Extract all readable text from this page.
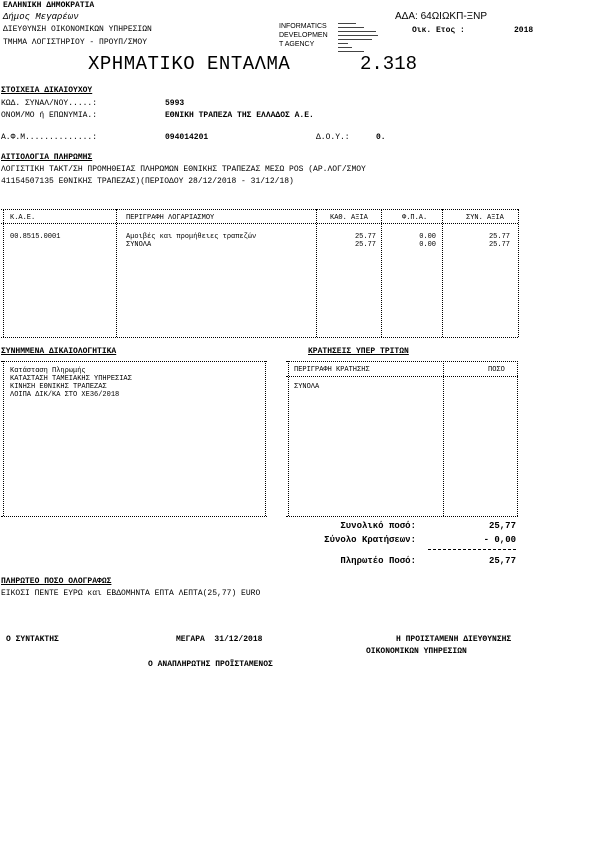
ΕΛΛΗΝΙΚΗ ΔΗΜΟΚΡΑΤΙΑ
Δήμος Μεγαρέων
ΔΙΕΥΘΥΝΣΗ ΟΙΚΟΝΟΜΙΚΩΝ ΥΠΗΡΕΣΙΩΝ
ΤΜΗΜΑ ΛΟΓΙΣΤΗΡΙΟΥ - ΠΡΟΥΠ/ΣΜΟΥ
INFORMATICS
DEVELOPMEN
T AGENCY
ΑΔΑ: 64ΩΙΩΚΠ-ΞΝΡ
Οικ. Ετος :	2018
ΧΡΗΜΑΤΙΚΟ ΕΝΤΑΛΜΑ	2.318
ΣΤΟΙΧΕΙΑ ΔΙΚΑΙΟΥΧΟΥ
ΚΩΔ. ΣΥΝΑΛ/ΝΟΥ.....:	5993
ΟΝΟΜ/ΜΟ ή ΕΠΩΝΥΜΙΑ.:	ΕΘΝΙΚΗ ΤΡΑΠΕΖΑ ΤΗΣ ΕΛΛΑΔΟΣ Α.Ε.
Α.Φ.Μ..............:	094014201	Δ.Ο.Υ.:	0.
ΑΙΤΙΟΛΟΓΙΑ ΠΛΗΡΩΜΗΣ
ΛΟΓΙΣΤΙΚΗ ΤΑΚΤ/ΣΗ ΠΡΟΜΗΘΕΙΑΣ ΠΛΗΡΩΜΩΝ ΕΘΝΙΚΗΣ ΤΡΑΠΕΖΑΣ ΜΕΣΩ POS (ΑΡ.ΛΟΓ/ΣΜΟΥ
41154507135 ΕΘΝΙΚΗΣ ΤΡΑΠΕΖΑΣ)(ΠΕΡΙΟΔΟΥ 28/12/2018 - 31/12/18)
Κ.Α.Ε.	ΠΕΡΙΓΡΑΦΗ ΛΟΓΑΡΙΑΣΜΟΥ	ΚΑΘ. ΑΞΙΑ	Φ.Π.Α.	ΣΥΝ. ΑΞΙΑ
00.8515.0001	Αμοιβές και προμήθειες τραπεζών	25.77	0.00	25.77
ΣΥΝΟΛΑ	25.77	0.00	25.77
ΣΥΝΗΜΜΕΝΑ ΔΙΚΑΙΟΛΟΓΗΤΙΚΑ	ΚΡΑΤΗΣΕΙΣ ΥΠΕΡ ΤΡΙΤΩΝ
Κατάσταση Πληρωμής
ΚΑΤΑΣΤΑΣΗ ΤΑΜΕΙΑΚΗΣ ΥΠΗΡΕΣΙΑΣ
ΚΙΝΗΣΗ ΕΘΝΙΚΗΣ ΤΡΑΠΕΖΑΣ
ΛΟΙΠΑ ΔΙΚ/ΚΑ ΣΤΟ ΧΕ36/2018
ΠΕΡΙΓΡΑΦΗ ΚΡΑΤΗΣΗΣ	ΠΟΣΟ
ΣΥΝΟΛΑ
Συνολικό ποσό:	25,77
Σύνολο Κρατήσεων:	- 0,00
Πληρωτέο Ποσό:	25,77
ΠΛΗΡΩΤΕΟ ΠΟΣΟ ΟΛΟΓΡΑΦΩΣ
ΕΙΚΟΣΙ ΠΕΝΤΕ ΕΥΡΩ και ΕΒΔΟΜΗΝΤΑ ΕΠΤΑ ΛΕΠΤΑ(25,77) EURO
Ο ΣΥΝΤΑΚΤΗΣ	ΜΕΓΑΡΑ  31/12/2018	Η ΠΡΟΙΣΤΑΜΕΝΗ ΔΙΕΥΘΥΝΣΗΣ
ΟΙΚΟΝΟΜΙΚΩΝ ΥΠΗΡΕΣΙΩΝ
Ο ΑΝΑΠΛΗΡΩΤΗΣ ΠΡΟΪΣΤΑΜΕΝΟΣ
